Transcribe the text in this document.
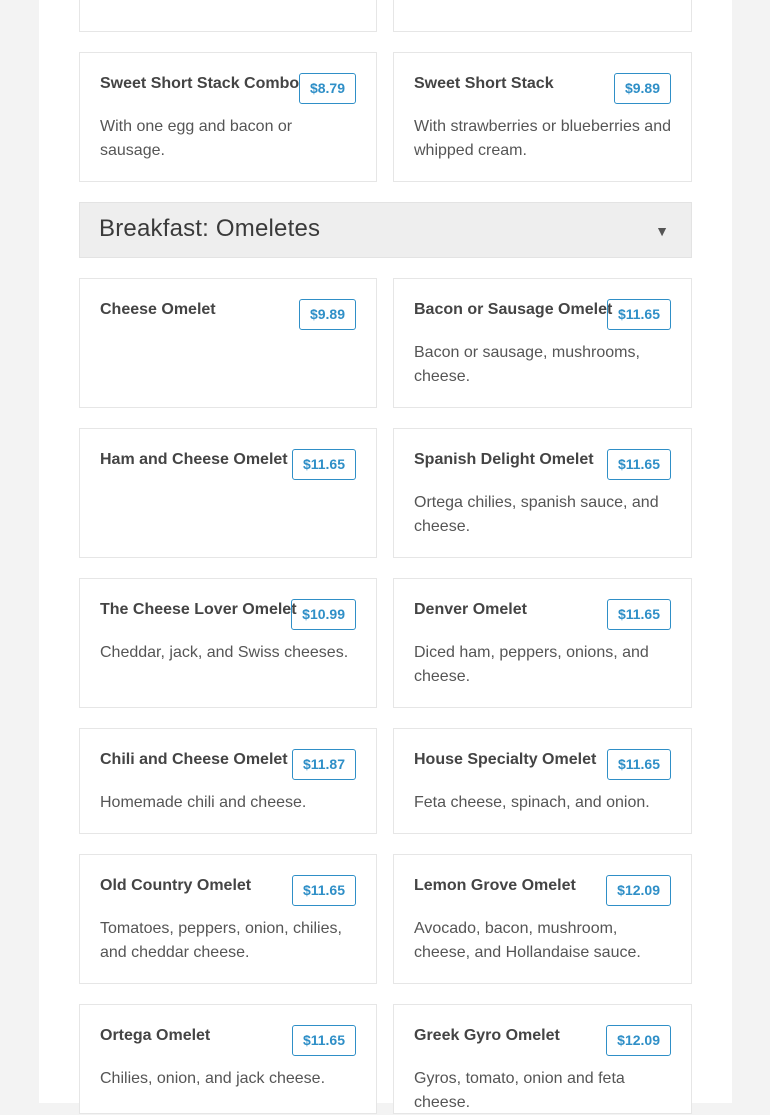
Sweet Short Stack Combo $8.79
With one egg and bacon or sausage.
Sweet Short Stack	$9.89
With strawberries or blueberries and whipped cream.
Breakfast: Omeletes	▼
Cheese Omelet	$9.89	Bacon or Sausage Omelet $11.65
Bacon or sausage, mushrooms, cheese.
Ham and Cheese Omelet	$11.65	Spanish Delight Omelet	$11.65
Ortega chilies, spanish sauce, and cheese.
The Cheese Lover Omelet $10.99
Cheddar, jack, and Swiss cheeses.
Denver Omelet	$11.65
Diced ham, peppers, onions, and cheese.
Chili and Cheese Omelet	$11.87
Homemade chili and cheese.
House Specialty Omelet	$11.65
Feta cheese, spinach, and onion.
Old Country Omelet	$11.65
Tomatoes, peppers, onion, chilies, and cheddar cheese.
Lemon Grove Omelet	$12.09
Avocado, bacon, mushroom, cheese, and Hollandaise sauce.
Ortega Omelet	$11.65
Chilies, onion, and jack cheese.
Greek Gyro Omelet	$12.09
Gyros, tomato, onion and feta cheese.
